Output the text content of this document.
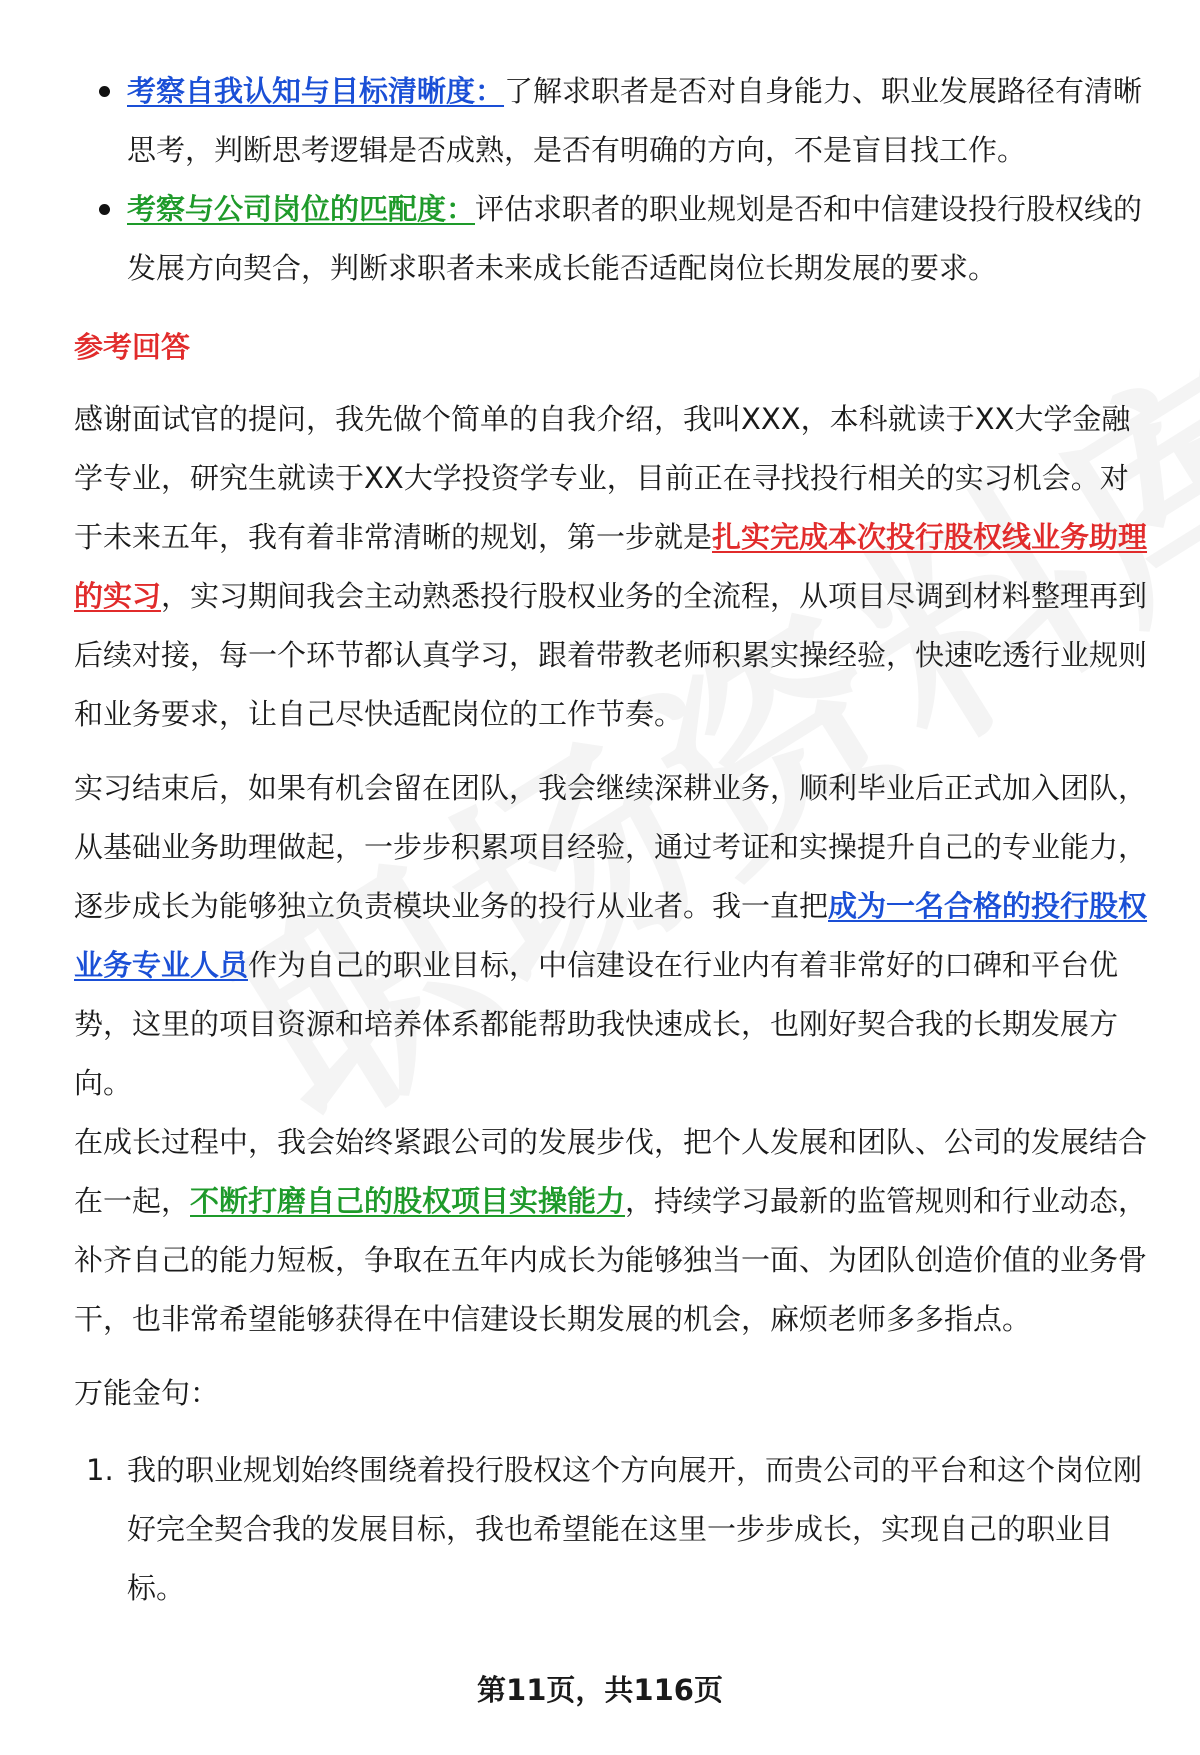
考察自我认知与目标清晰度：了解求职者是否对自身能力、职业发展路径有清晰思考，判断思考逻辑是否成熟，是否有明确的方向，不是盲目找工作。
考察与公司岗位的匹配度：评估求职者的职业规划是否和中信建设投行股权线的发展方向契合，判断求职者未来成长能否适配岗位长期发展的要求。
参考回答

感谢面试官的提问，我先做个简单的自我介绍，我叫XXX，本科就读于XX大学金融学专业，研究生就读于XX大学投资学专业，目前正在寻找投行相关的实习机会。对于未来五年，我有着非常清晰的规划，第一步就是扎实完成本次投行股权线业务助理的实习，实习期间我会主动熟悉投行股权业务的全流程，从项目尽调到材料整理再到后续对接，每一个环节都认真学习，跟着带教老师积累实操经验，快速吃透行业规则和业务要求，让自己尽快适配岗位的工作节奏。

实习结束后，如果有机会留在团队，我会继续深耕业务，顺利毕业后正式加入团队，从基础业务助理做起，一步步积累项目经验，通过考证和实操提升自己的专业能力，逐步成长为能够独立负责模块业务的投行从业者。我一直把成为一名合格的投行股权业务专业人员作为自己的职业目标，中信建设在行业内有着非常好的口碑和平台优势，这里的项目资源和培养体系都能帮助我快速成长，也刚好契合我的长期发展方向。

在成长过程中，我会始终紧跟公司的发展步伐，把个人发展和团队、公司的发展结合在一起，不断打磨自己的股权项目实操能力，持续学习最新的监管规则和行业动态，补齐自己的能力短板，争取在五年内成长为能够独当一面、为团队创造价值的业务骨干，也非常希望能够获得在中信建设长期发展的机会，麻烦老师多多指点。

万能金句：

1. 我的职业规划始终围绕着投行股权这个方向展开，而贵公司的平台和这个岗位刚好完全契合我的发展目标，我也希望能在这里一步步成长，实现自己的职业目标。
第11页，共116页
